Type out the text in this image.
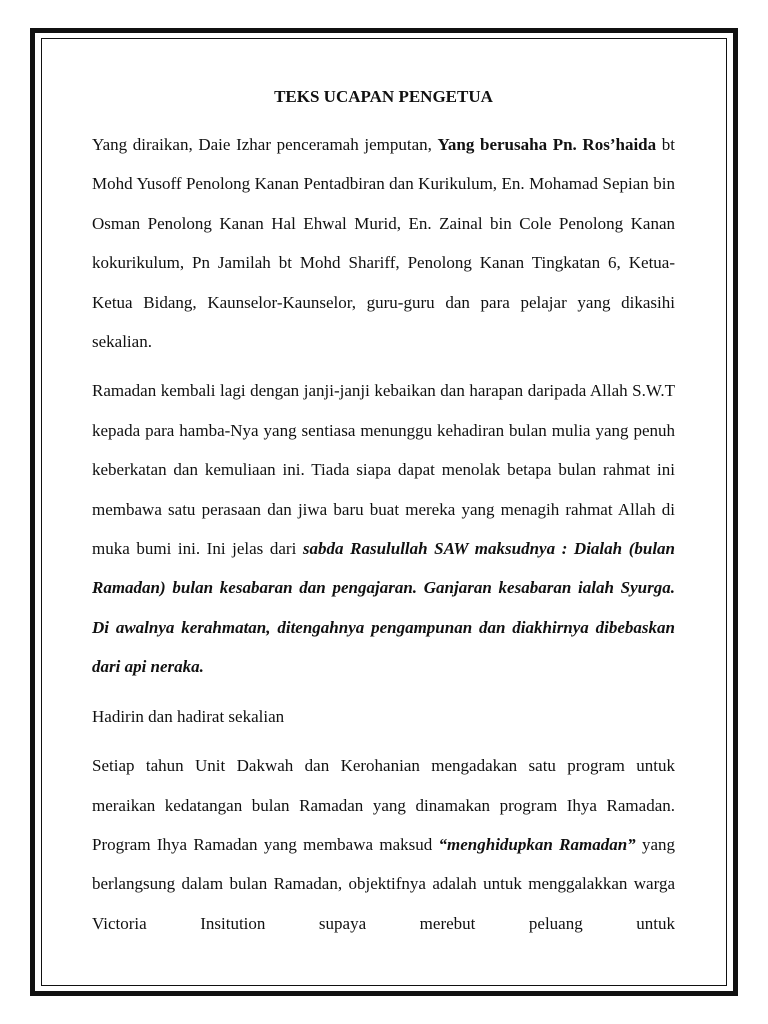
TEKS UCAPAN PENGETUA

Yang diraikan, Daie Izhar penceramah jemputan, Yang berusaha Pn. Ros’haida bt Mohd Yusoff Penolong Kanan Pentadbiran dan Kurikulum, En. Mohamad Sepian bin Osman Penolong Kanan Hal Ehwal Murid, En. Zainal bin Cole Penolong Kanan kokurikulum, Pn Jamilah bt Mohd Shariff, Penolong Kanan Tingkatan 6, Ketua-Ketua Bidang, Kaunselor-Kaunselor, guru-guru dan para pelajar yang dikasihi sekalian.

Ramadan kembali lagi dengan janji-janji kebaikan dan harapan daripada Allah S.W.T kepada para hamba-Nya yang sentiasa menunggu kehadiran bulan mulia yang penuh keberkatan dan kemuliaan ini. Tiada siapa dapat menolak betapa bulan rahmat ini membawa satu perasaan dan jiwa baru buat mereka yang menagih rahmat Allah di muka bumi ini. Ini jelas dari sabda Rasulullah SAW maksudnya : Dialah (bulan Ramadan) bulan kesabaran dan pengajaran. Ganjaran kesabaran ialah Syurga. Di awalnya kerahmatan, ditengahnya pengampunan dan diakhirnya dibebaskan dari api neraka.

Hadirin dan hadirat sekalian

Setiap tahun Unit Dakwah dan Kerohanian mengadakan satu program untuk meraikan kedatangan bulan Ramadan yang dinamakan program Ihya Ramadan. Program Ihya Ramadan yang membawa maksud “menghidupkan Ramadan” yang berlangsung dalam bulan Ramadan, objektifnya adalah untuk menggalakkan warga Victoria Insitution supaya merebut peluang untuk
